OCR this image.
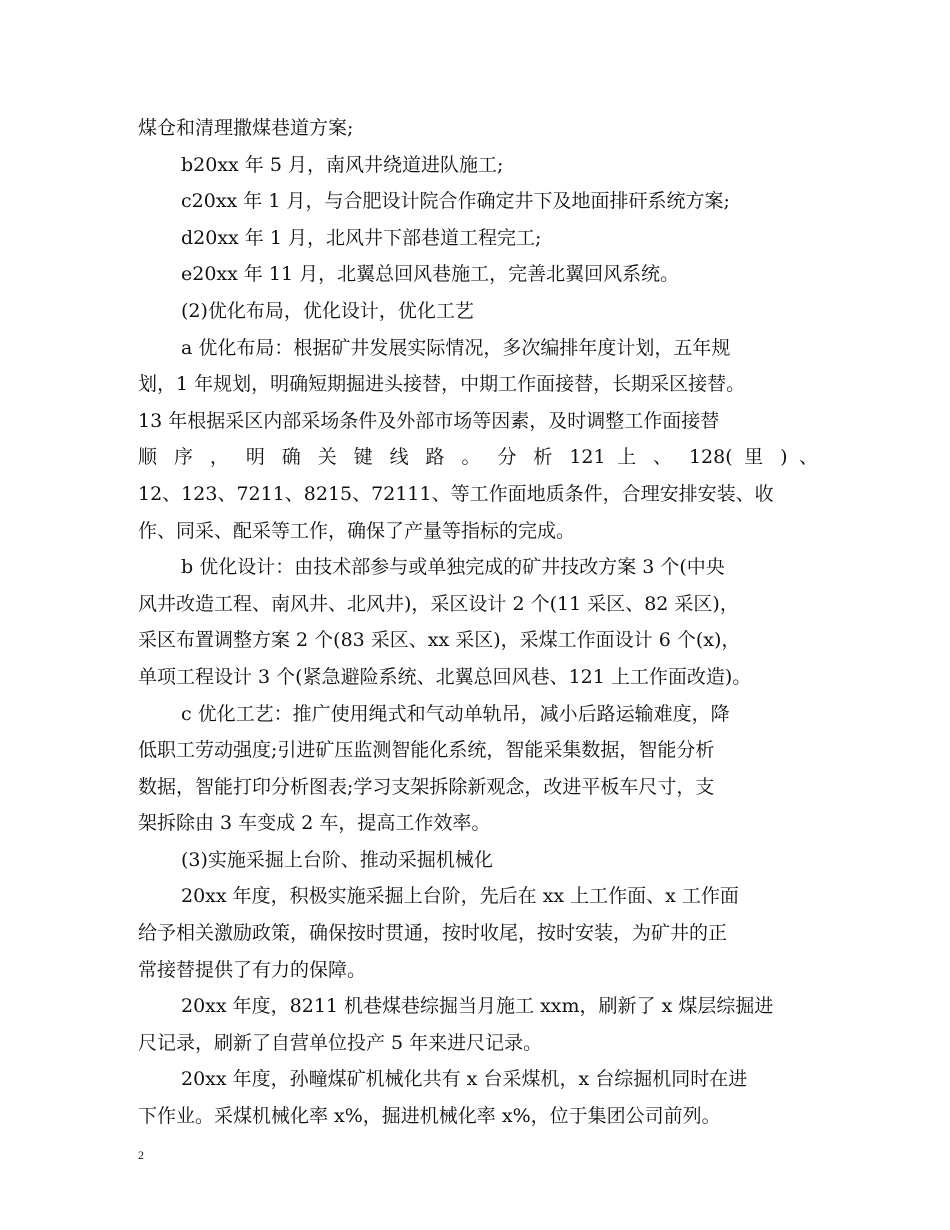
煤仓和清理撒煤巷道方案;

b20xx 年 5 月，南风井绕道进队施工;

c20xx 年 1 月，与合肥设计院合作确定井下及地面排矸系统方案;

d20xx 年 1 月，北风井下部巷道工程完工;

e20xx 年 11 月，北翼总回风巷施工，完善北翼回风系统。

(2)优化布局，优化设计，优化工艺

a 优化布局：根据矿井发展实际情况，多次编排年度计划，五年规

划，1 年规划，明确短期掘进头接替，中期工作面接替，长期采区接替。

13 年根据采区内部采场条件及外部市场等因素，及时调整工作面接替

顺 序 ， 明 确 关 键 线 路 。 分 析 121 上 、 128( 里 ) 、

12、123、7211、8215、72111、等工作面地质条件，合理安排安装、收

作、同采、配采等工作，确保了产量等指标的完成。

b 优化设计：由技术部参与或单独完成的矿井技改方案 3 个(中央

风井改造工程、南风井、北风井)，采区设计 2 个(11 采区、82 采区)，

采区布置调整方案 2 个(83 采区、xx 采区)，采煤工作面设计 6 个(x)，

单项工程设计 3 个(紧急避险系统、北翼总回风巷、121 上工作面改造)。

c 优化工艺：推广使用绳式和气动单轨吊，减小后路运输难度，降

低职工劳动强度;引进矿压监测智能化系统，智能采集数据，智能分析

数据，智能打印分析图表;学习支架拆除新观念，改进平板车尺寸，支

架拆除由 3 车变成 2 车，提高工作效率。

(3)实施采掘上台阶、推动采掘机械化

20xx 年度，积极实施采掘上台阶，先后在 xx 上工作面、x 工作面

给予相关激励政策，确保按时贯通，按时收尾，按时安装，为矿井的正

常接替提供了有力的保障。

20xx 年度，8211 机巷煤巷综掘当月施工 xxm，刷新了 x 煤层综掘进

尺记录，刷新了自营单位投产 5 年来进尺记录。

20xx 年度，孙疃煤矿机械化共有 x 台采煤机，x 台综掘机同时在进

下作业。采煤机械化率 x%，掘进机械化率 x%，位于集团公司前列。

2
